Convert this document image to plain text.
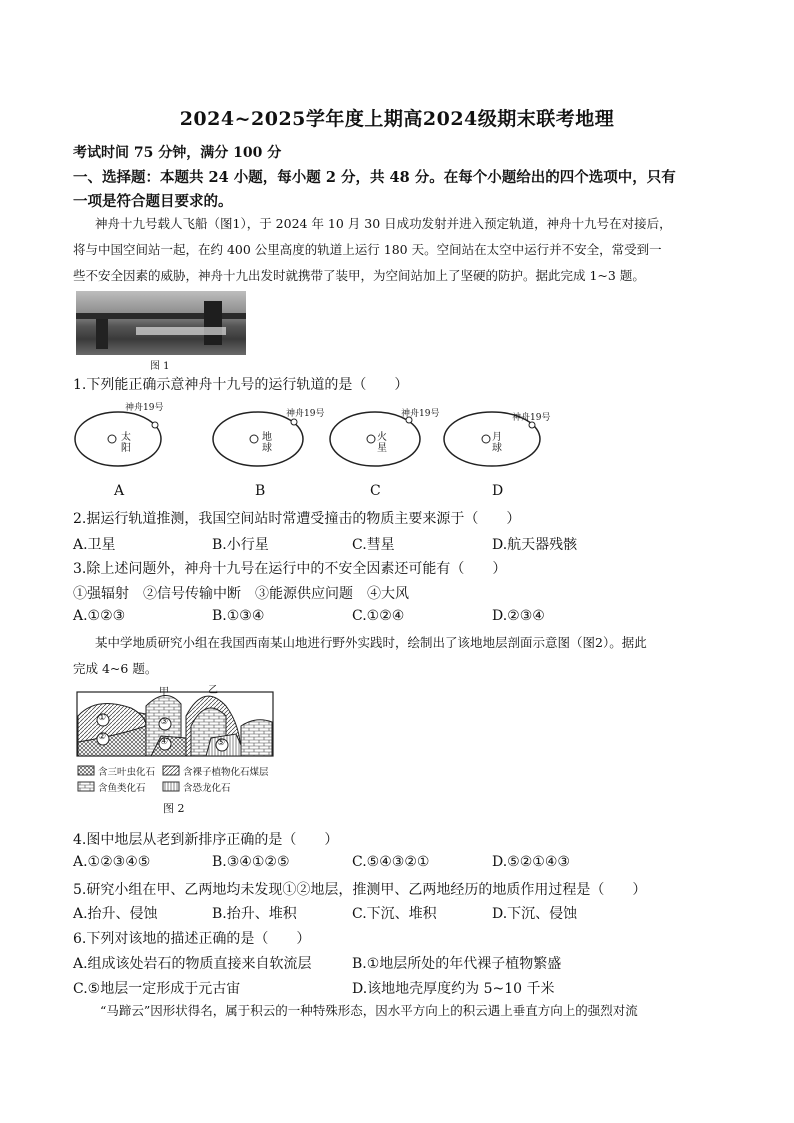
2024~2025学年度上期高2024级期末联考地理
考试时间 75 分钟，满分 100 分
一、选择题：本题共 24 小题，每小题 2 分，共 48 分。在每个小题给出的四个选项中，只有
一项是符合题目要求的。
神舟十九号载人飞船（图1），于 2024 年 10 月 30 日成功发射并进入预定轨道，神舟十九号在对接后，
将与中国空间站一起，在约 400 公里高度的轨道上运行 180 天。空间站在太空中运行并不安全，常受到一
些不安全因素的威胁，神舟十九出发时就携带了装甲，为空间站加上了坚硬的防护。据此完成 1~3 题。
图 1
1.下列能正确示意神舟十九号的运行轨道的是（　　）
神舟19号
太阳
A
神舟19号
地球
B
神舟19号
火星
C
神舟19号
月球
D
2.据运行轨道推测，我国空间站时常遭受撞击的物质主要来源于（　　）
A.卫星	B.小行星	C.彗星	D.航天器残骸
3.除上述问题外，神舟十九号在运行中的不安全因素还可能有（　　）
①强辐射　②信号传输中断　③能源供应问题　④大风
A.①②③	B.①③④	C.①②④	D.②③④
某中学地质研究小组在我国西南某山地进行野外实践时，绘制出了该地地层剖面示意图（图2）。据此
完成 4~6 题。
甲	乙
①
②
③
④	⑤
含三叶虫化石	含裸子植物化石煤层
含鱼类化石	含恐龙化石
图 2
4.图中地层从老到新排序正确的是（　　）
A.①②③④⑤	B.③④①②⑤	C.⑤④③②①	D.⑤②①④③
5.研究小组在甲、乙两地均未发现①②地层，推测甲、乙两地经历的地质作用过程是（　　）
A.抬升、侵蚀	B.抬升、堆积	C.下沉、堆积	D.下沉、侵蚀
6.下列对该地的描述正确的是（　　）
A.组成该处岩石的物质直接来自软流层	B.①地层所处的年代裸子植物繁盛
C.⑤地层一定形成于元古宙	D.该地地壳厚度约为 5~10 千米
“马蹄云”因形状得名，属于积云的一种特殊形态，因水平方向上的积云遇上垂直方向上的强烈对流
